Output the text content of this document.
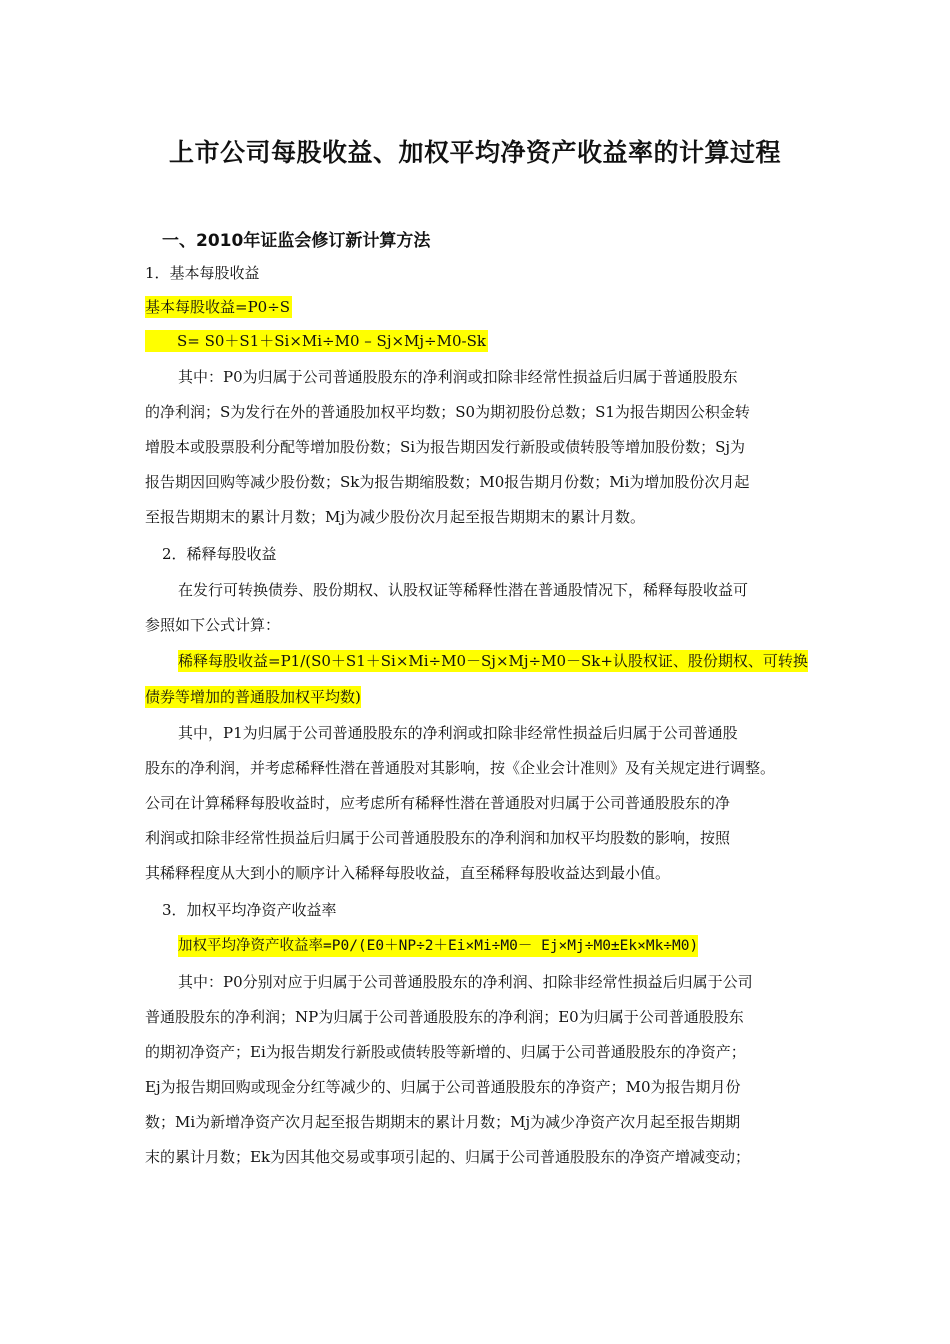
上市公司每股收益、加权平均净资产收益率的计算过程
一、2010年证监会修订新计算方法
1．基本每股收益
基本每股收益=P0÷S
S= S0＋S1＋Si×Mi÷M0 – Sj×Mj÷M0-Sk
其中：P0为归属于公司普通股股东的净利润或扣除非经常性损益后归属于普通股股东
的净利润；S为发行在外的普通股加权平均数；S0为期初股份总数；S1为报告期因公积金转
增股本或股票股利分配等增加股份数；Si为报告期因发行新股或债转股等增加股份数；Sj为
报告期因回购等减少股份数；Sk为报告期缩股数；M0报告期月份数；Mi为增加股份次月起
至报告期期末的累计月数；Mj为减少股份次月起至报告期期末的累计月数。
2．稀释每股收益
在发行可转换债券、股份期权、认股权证等稀释性潜在普通股情况下，稀释每股收益可
参照如下公式计算：
稀释每股收益=P1/(S0＋S1＋Si×Mi÷M0－Sj×Mj÷M0－Sk+认股权证、股份期权、可转换
债券等增加的普通股加权平均数)
其中，P1为归属于公司普通股股东的净利润或扣除非经常性损益后归属于公司普通股
股东的净利润，并考虑稀释性潜在普通股对其影响，按《企业会计准则》及有关规定进行调整。
公司在计算稀释每股收益时，应考虑所有稀释性潜在普通股对归属于公司普通股股东的净
利润或扣除非经常性损益后归属于公司普通股股东的净利润和加权平均股数的影响，按照
其稀释程度从大到小的顺序计入稀释每股收益，直至稀释每股收益达到最小值。
3．加权平均净资产收益率
加权平均净资产收益率=P0/(E0＋NP÷2＋Ei×Mi÷M0－ Ej×Mj÷M0±Ek×Mk÷M0)
其中：P0分别对应于归属于公司普通股股东的净利润、扣除非经常性损益后归属于公司
普通股股东的净利润；NP为归属于公司普通股股东的净利润；E0为归属于公司普通股股东
的期初净资产；Ei为报告期发行新股或债转股等新增的、归属于公司普通股股东的净资产；
Ej为报告期回购或现金分红等减少的、归属于公司普通股股东的净资产；M0为报告期月份
数；Mi为新增净资产次月起至报告期期末的累计月数；Mj为减少净资产次月起至报告期期
末的累计月数；Ek为因其他交易或事项引起的、归属于公司普通股股东的净资产增减变动；
